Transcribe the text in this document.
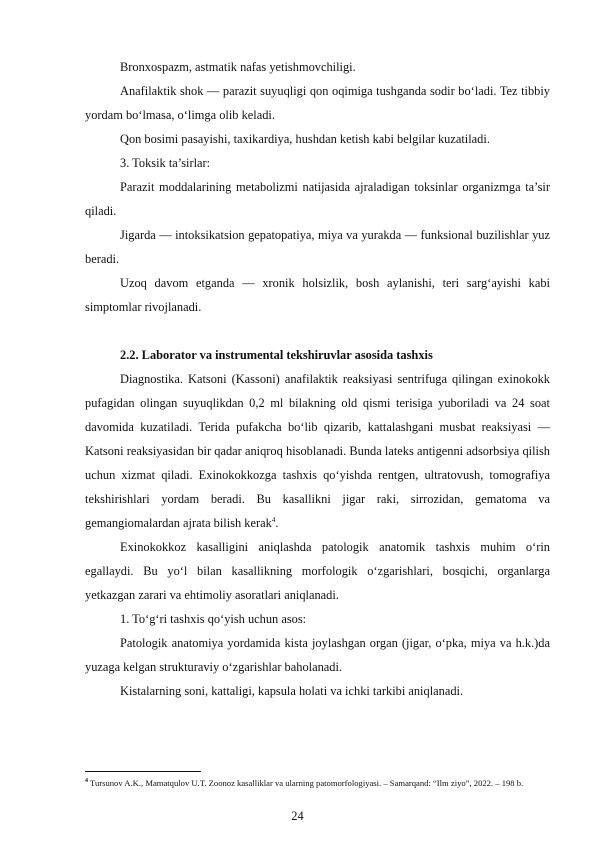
Bronxospazm, astmatik nafas yetishmovchiligi.

Anafilaktik shok — parazit suyuqligi qon oqimiga tushganda sodir bo‘ladi. Tez tibbiy yordam bo‘lmasa, o‘limga olib keladi.

Qon bosimi pasayishi, taxikardiya, hushdan ketish kabi belgilar kuzatiladi.

3. Toksik ta’sirlar:

Parazit moddalarining metabolizmi natijasida ajraladigan toksinlar organizmga ta’sir qiladi.

Jigarda — intoksikatsion gepatopatiya, miya va yurakda — funksional buzilishlar yuz beradi.

Uzoq davom etganda — xronik holsizlik, bosh aylanishi, teri sarg‘ayishi kabi simptomlar rivojlanadi.

2.2. Laborator va instrumental tekshiruvlar asosida tashxis

Diagnostika. Katsoni (Kassoni) anafilaktik reaksiyasi sentrifuga qilingan exinokokk pufagidan olingan suyuqlikdan 0,2 ml bilakning old qismi terisiga yuboriladi va 24 soat davomida kuzatiladi. Terida pufakcha bo‘lib qizarib, kattalashgani musbat reaksiyasi — Katsoni reaksiyasidan bir qadar aniqroq hisoblanadi. Bunda lateks antigenni adsorbsiya qilish uchun xizmat qiladi. Exinokokkozga tashxis qo‘yishda rentgen, ultratovush, tomografiya tekshirishlari yordam beradi. Bu kasallikni jigar raki, sirrozidan, gematoma va gemangiomalardan ajrata bilish kerak$^4$.

Exinokokkoz kasalligini aniqlashda patologik anatomik tashxis muhim o‘rin egallaydi. Bu yo‘l bilan kasallikning morfologik o‘zgarishlari, bosqichi, organlarga yetkazgan zarari va ehtimoliy asoratlari aniqlanadi.

1. To‘g‘ri tashxis qo‘yish uchun asos:

Patologik anatomiya yordamida kista joylashgan organ (jigar, o‘pka, miya va h.k.)da yuzaga kelgan strukturaviy o‘zgarishlar baholanadi.

Kistalarning soni, kattaligi, kapsula holati va ichki tarkibi aniqlanadi.

$^4$ Tursunov A.K., Mamatqulov U.T. Zoonoz kasalliklar va ularning patomorfologiyasi. – Samarqand: “Ilm ziyo”, 2022. – 198 b.
24
